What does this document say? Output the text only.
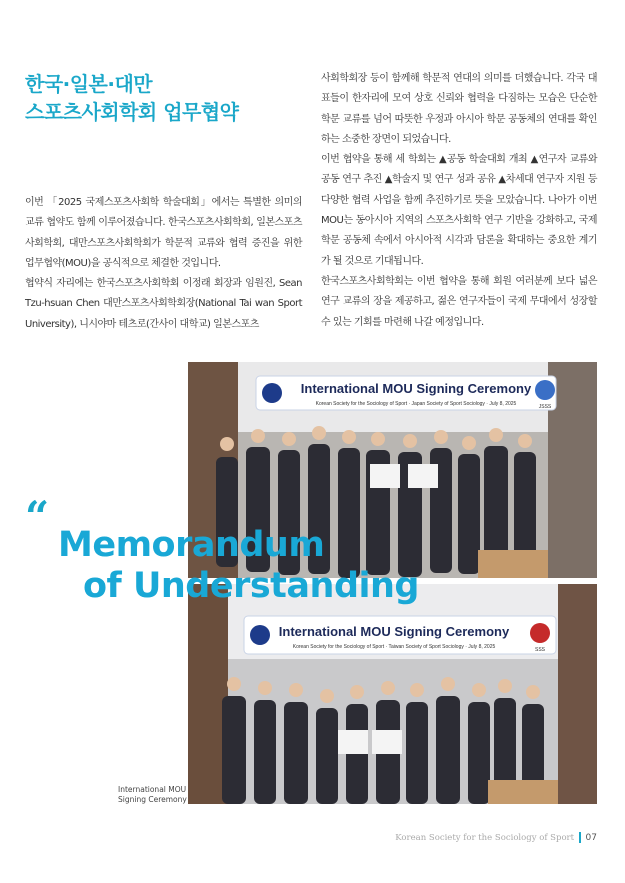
한국·일본·대만
스포츠사회학회 업무협약

이번 「2025 국제스포츠사회학 학술대회」에서는 특별한 의미의 교류 협약도 함께 이루어졌습니다. 한국스포츠사회학회, 일본스포츠사회학회, 대만스포츠사회학회가 학문적 교류와 협력 증진을 위한 업무협약(MOU)을 공식적으로 체결한 것입니다.

협약식 자리에는 한국스포츠사회학회 이정래 회장과 임원진, Sean Tzu-hsuan Chen 대만스포츠사회학회장(National Tai wan Sport University), 니시야마 테츠로(간사이 대학교) 일본스포츠

사회학회장 등이 함께해 학문적 연대의 의미를 더했습니다. 각국 대표들이 한자리에 모여 상호 신뢰와 협력을 다짐하는 모습은 단순한 학문 교류를 넘어 따뜻한 우정과 아시아 학문 공동체의 연대를 확인하는 소중한 장면이 되었습니다.

이번 협약을 통해 세 학회는 ▲공동 학술대회 개최 ▲연구자 교류와 공동 연구 추진 ▲학술지 및 연구 성과 공유 ▲차세대 연구자 지원 등 다양한 협력 사업을 함께 추진하기로 뜻을 모았습니다. 나아가 이번 MOU는 동아시아 지역의 스포츠사회학 연구 기반을 강화하고, 국제 학문 공동체 속에서 아시아적 시각과 담론을 확대하는 중요한 계기가 될 것으로 기대됩니다.

한국스포츠사회학회는 이번 협약을 통해 회원 여러분께 보다 넓은 연구 교류의 장을 제공하고, 젊은 연구자들이 국제 무대에서 성장할 수 있는 기회를 마련해 나갈 예정입니다.

International MOU Signing Ceremony
Korean Society for the Sociology of Sport · Japan Society of Sport Sociology · July 8, 2025	JSSS
International MOU Signing Ceremony
Korean Society for the Sociology of Sport · Taiwan Society of Sport Sociology · July 8, 2025	SSS
“
Memorandum
of Understanding
International MOU
Signing Ceremony
Korean Society for the Sociology of Sport 07
